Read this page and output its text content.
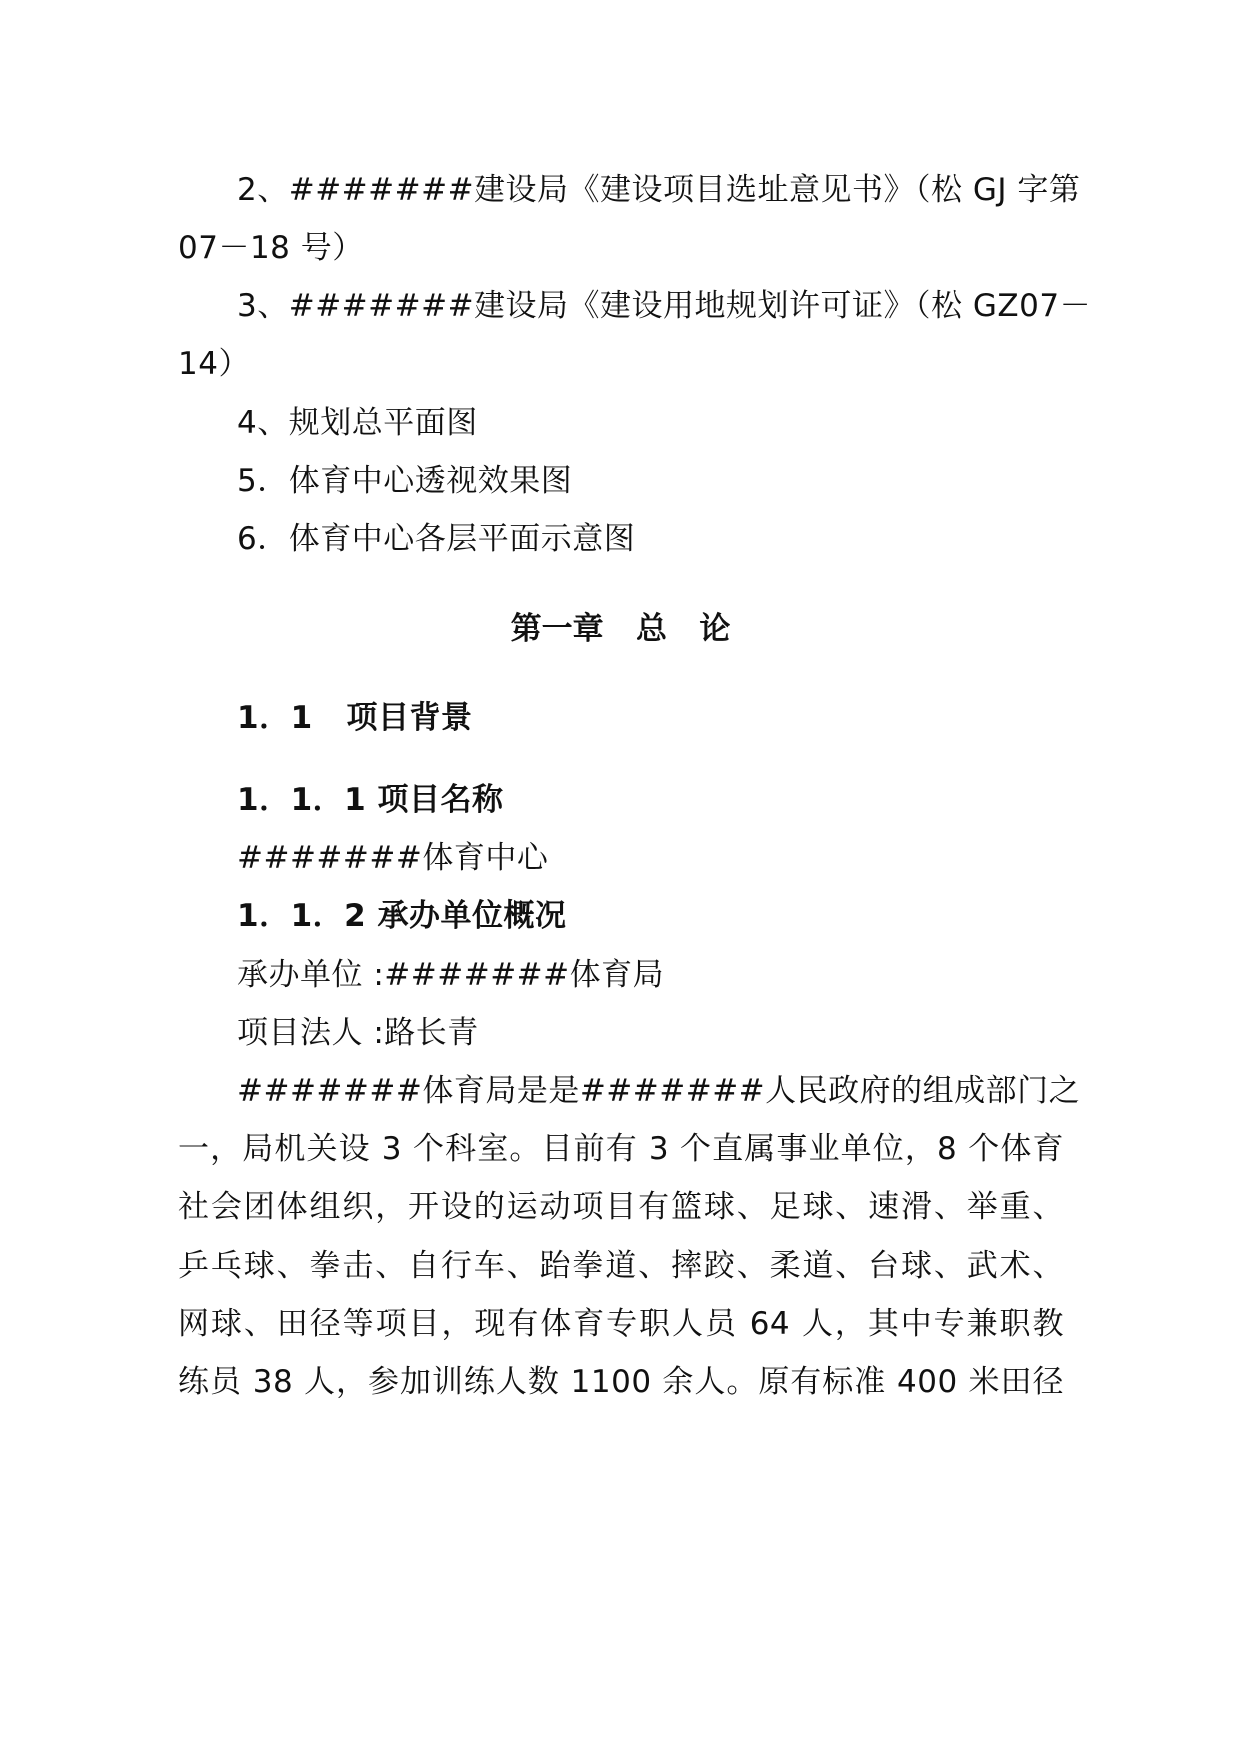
2、#######建设局《建设项目选址意见书》（松 GJ 字第
07－18 号）
3、#######建设局《建设用地规划许可证》（松 GZ07－
14）
4、规划总平面图
5．体育中心透视效果图
6．体育中心各层平面示意图
第一章   总   论
1．1   项目背景
1．1．1 项目名称
#######体育中心
1．1．2 承办单位概况
承办单位 :#######体育局
项目法人 :路长青
#######体育局是是#######人民政府的组成部门之
一，局机关设 3 个科室。目前有 3 个直属事业单位，8 个体育
社会团体组织，开设的运动项目有篮球、足球、速滑、举重、
乒乓球、拳击、自行车、跆拳道、摔跤、柔道、台球、武术、
网球、田径等项目，现有体育专职人员 64 人，其中专兼职教
练员 38 人，参加训练人数 1100 余人。原有标准 400 米田径
